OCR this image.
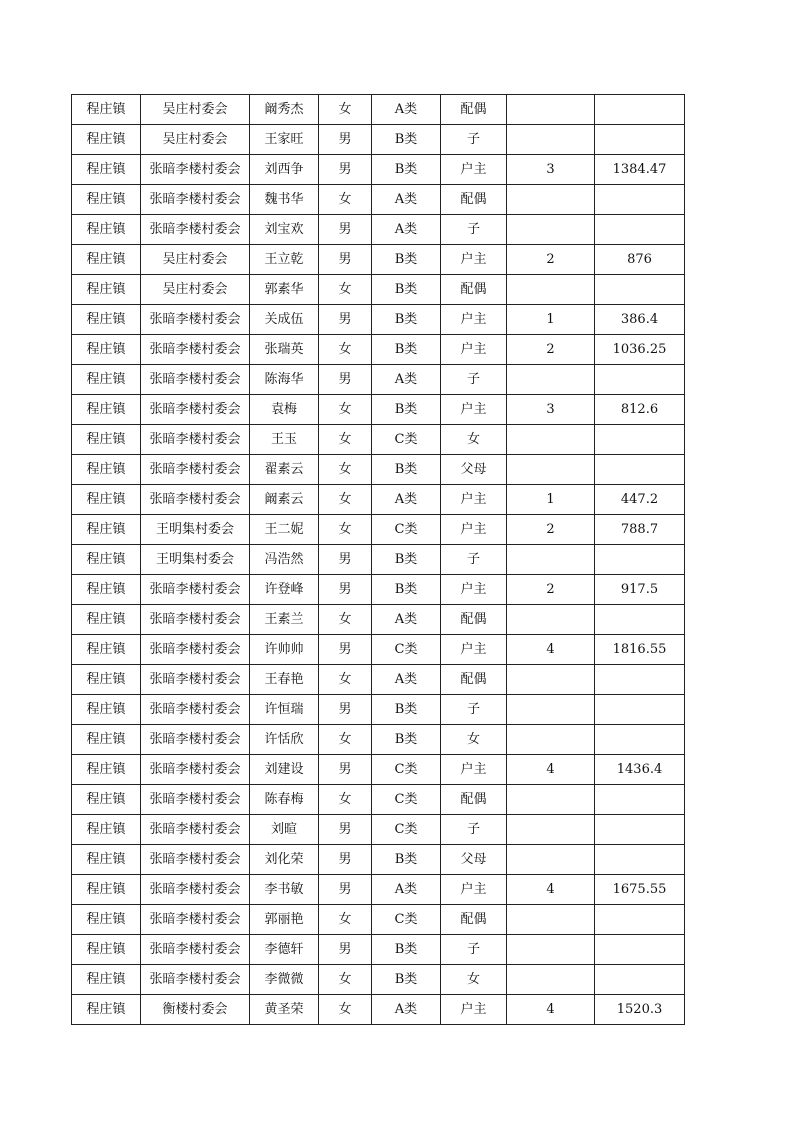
程庄镇	吴庄村委会	阚秀杰	女	A类	配偶		
程庄镇	吴庄村委会	王家旺	男	B类	子		
程庄镇	张暗李楼村委会	刘西争	男	B类	户主	3	1384.47
程庄镇	张暗李楼村委会	魏书华	女	A类	配偶		
程庄镇	张暗李楼村委会	刘宝欢	男	A类	子		
程庄镇	吴庄村委会	王立乾	男	B类	户主	2	876
程庄镇	吴庄村委会	郭素华	女	B类	配偶		
程庄镇	张暗李楼村委会	关成伍	男	B类	户主	1	386.4
程庄镇	张暗李楼村委会	张瑞英	女	B类	户主	2	1036.25
程庄镇	张暗李楼村委会	陈海华	男	A类	子		
程庄镇	张暗李楼村委会	袁梅	女	B类	户主	3	812.6
程庄镇	张暗李楼村委会	王玉	女	C类	女		
程庄镇	张暗李楼村委会	翟素云	女	B类	父母		
程庄镇	张暗李楼村委会	阚素云	女	A类	户主	1	447.2
程庄镇	王明集村委会	王二妮	女	C类	户主	2	788.7
程庄镇	王明集村委会	冯浩然	男	B类	子		
程庄镇	张暗李楼村委会	许登峰	男	B类	户主	2	917.5
程庄镇	张暗李楼村委会	王素兰	女	A类	配偶		
程庄镇	张暗李楼村委会	许帅帅	男	C类	户主	4	1816.55
程庄镇	张暗李楼村委会	王春艳	女	A类	配偶		
程庄镇	张暗李楼村委会	许恒瑞	男	B类	子		
程庄镇	张暗李楼村委会	许恬欣	女	B类	女		
程庄镇	张暗李楼村委会	刘建设	男	C类	户主	4	1436.4
程庄镇	张暗李楼村委会	陈春梅	女	C类	配偶		
程庄镇	张暗李楼村委会	刘暄	男	C类	子		
程庄镇	张暗李楼村委会	刘化荣	男	B类	父母		
程庄镇	张暗李楼村委会	李书敏	男	A类	户主	4	1675.55
程庄镇	张暗李楼村委会	郭丽艳	女	C类	配偶		
程庄镇	张暗李楼村委会	李德轩	男	B类	子		
程庄镇	张暗李楼村委会	李微微	女	B类	女		
程庄镇	衡楼村委会	黄圣荣	女	A类	户主	4	1520.3
